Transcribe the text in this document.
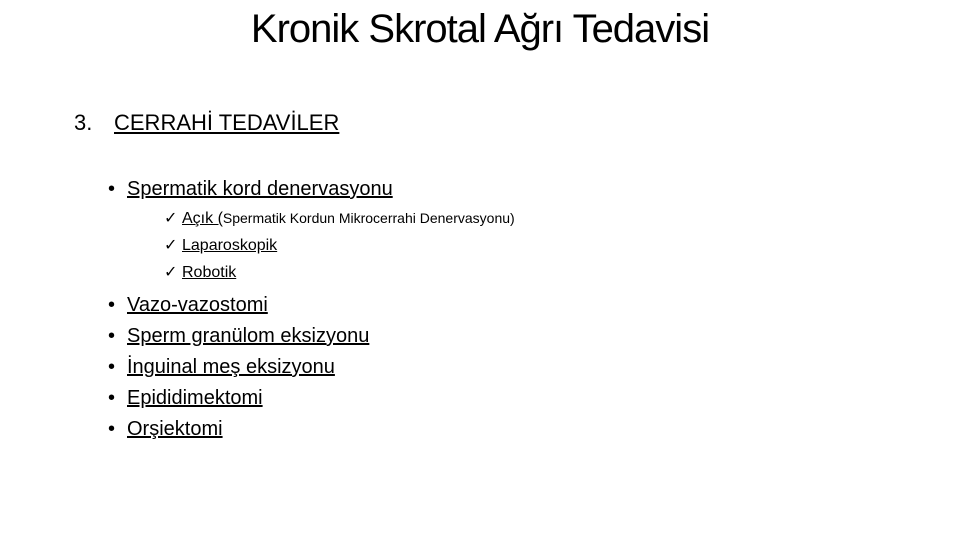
Kronik Skrotal Ağrı Tedavisi
3. CERRAHİ TEDAVİLER
• Spermatik kord denervasyonu
✓ Açık (Spermatik Kordun Mikrocerrahi Denervasyonu)
✓ Laparoskopik
✓ Robotik
• Vazo-vazostomi
• Sperm granülom eksizyonu
• İnguinal meş eksizyonu
• Epididimektomi
• Orşiektomi
